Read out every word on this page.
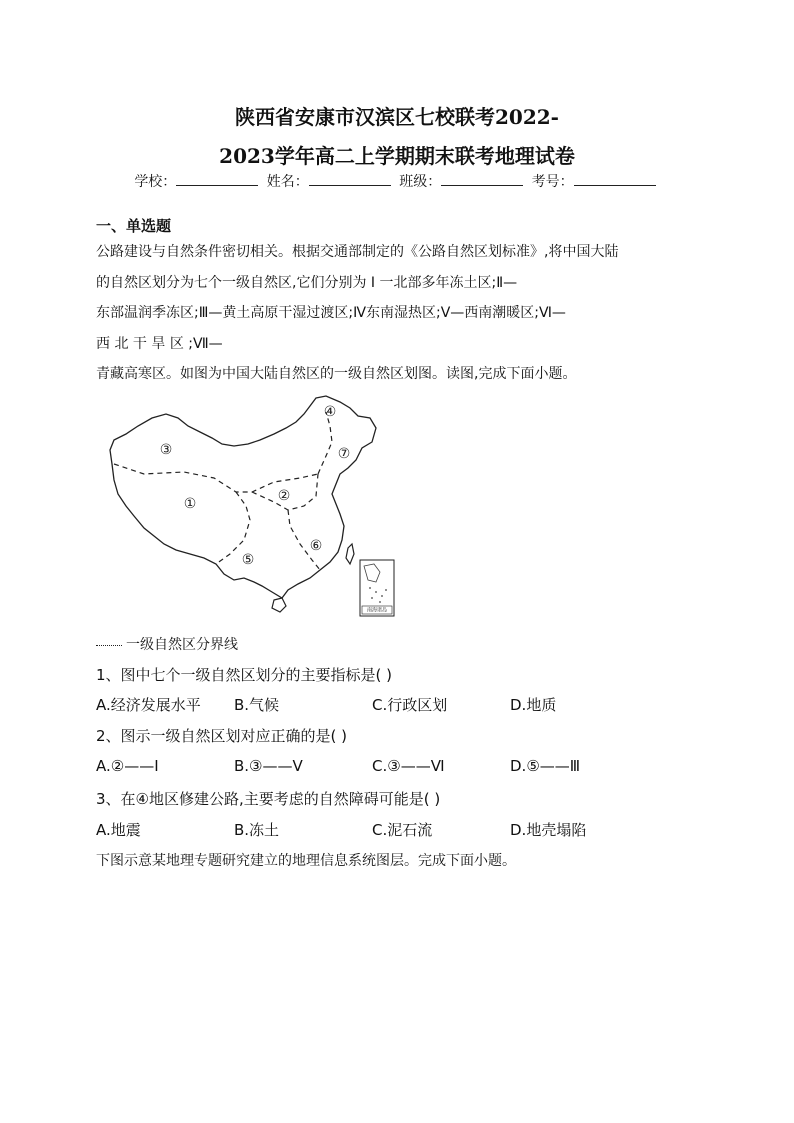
陕西省安康市汉滨区七校联考2022-
2023学年高二上学期期末联考地理试卷
学校：	姓名：	班级：	考号：
一、单选题
公路建设与自然条件密切相关。根据交通部制定的《公路自然区划标准》,将中国大陆
的自然区划分为七个一级自然区,它们分别为 Ⅰ 一北部多年冻土区;Ⅱ—
东部温润季冻区;Ⅲ—黄土高原干湿过渡区;Ⅳ东南湿热区;Ⅴ—西南潮暖区;Ⅵ—
西 北 干 旱 区 ;Ⅶ—
青藏高寒区。如图为中国大陆自然区的一级自然区划图。读图,完成下面小题。
①	②
③
④
⑤
⑥
⑦
南海诸岛
一级自然区分界线
1、图中七个一级自然区划分的主要指标是( )
A.经济发展水平 B.气候	C.行政区划	D.地质
2、图示一级自然区划对应正确的是( )
A.②——Ⅰ	B.③——Ⅴ	C.③——Ⅵ	D.⑤——Ⅲ
3、在④地区修建公路,主要考虑的自然障碍可能是( )
A.地震	B.冻土	C.泥石流	D.地壳塌陷
下图示意某地理专题研究建立的地理信息系统图层。完成下面小题。
